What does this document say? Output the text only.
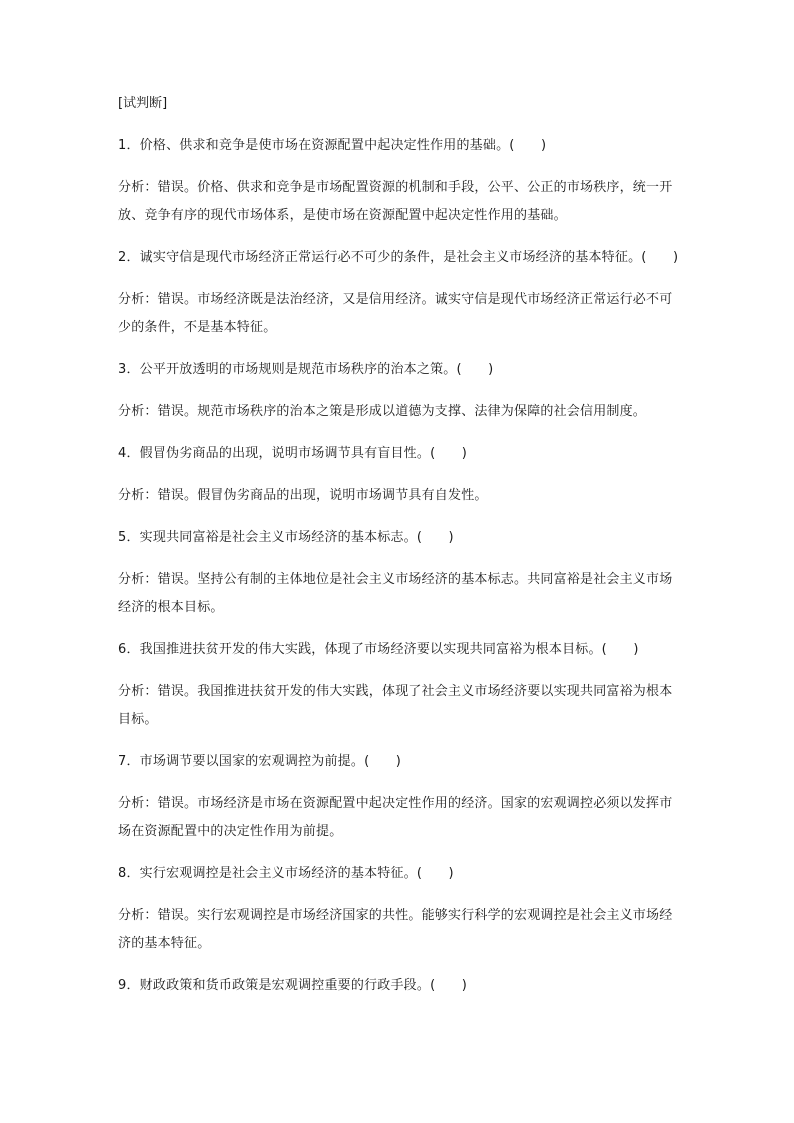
[试判断]

1．价格、供求和竞争是使市场在资源配置中起决定性作用的基础。(　　)

分析：错误。价格、供求和竞争是市场配置资源的机制和手段，公平、公正的市场秩序，统一开放、竞争有序的现代市场体系，是使市场在资源配置中起决定性作用的基础。

2．诚实守信是现代市场经济正常运行必不可少的条件，是社会主义市场经济的基本特征。(　　)

分析：错误。市场经济既是法治经济，又是信用经济。诚实守信是现代市场经济正常运行必不可少的条件，不是基本特征。

3．公平开放透明的市场规则是规范市场秩序的治本之策。(　　)

分析：错误。规范市场秩序的治本之策是形成以道德为支撑、法律为保障的社会信用制度。

4．假冒伪劣商品的出现，说明市场调节具有盲目性。(　　)

分析：错误。假冒伪劣商品的出现，说明市场调节具有自发性。

5．实现共同富裕是社会主义市场经济的基本标志。(　　)

分析：错误。坚持公有制的主体地位是社会主义市场经济的基本标志。共同富裕是社会主义市场经济的根本目标。

6．我国推进扶贫开发的伟大实践，体现了市场经济要以实现共同富裕为根本目标。(　　)

分析：错误。我国推进扶贫开发的伟大实践，体现了社会主义市场经济要以实现共同富裕为根本目标。

7．市场调节要以国家的宏观调控为前提。(　　)

分析：错误。市场经济是市场在资源配置中起决定性作用的经济。国家的宏观调控必须以发挥市场在资源配置中的决定性作用为前提。

8．实行宏观调控是社会主义市场经济的基本特征。(　　)

分析：错误。实行宏观调控是市场经济国家的共性。能够实行科学的宏观调控是社会主义市场经济的基本特征。

9．财政政策和货币政策是宏观调控重要的行政手段。(　　)
